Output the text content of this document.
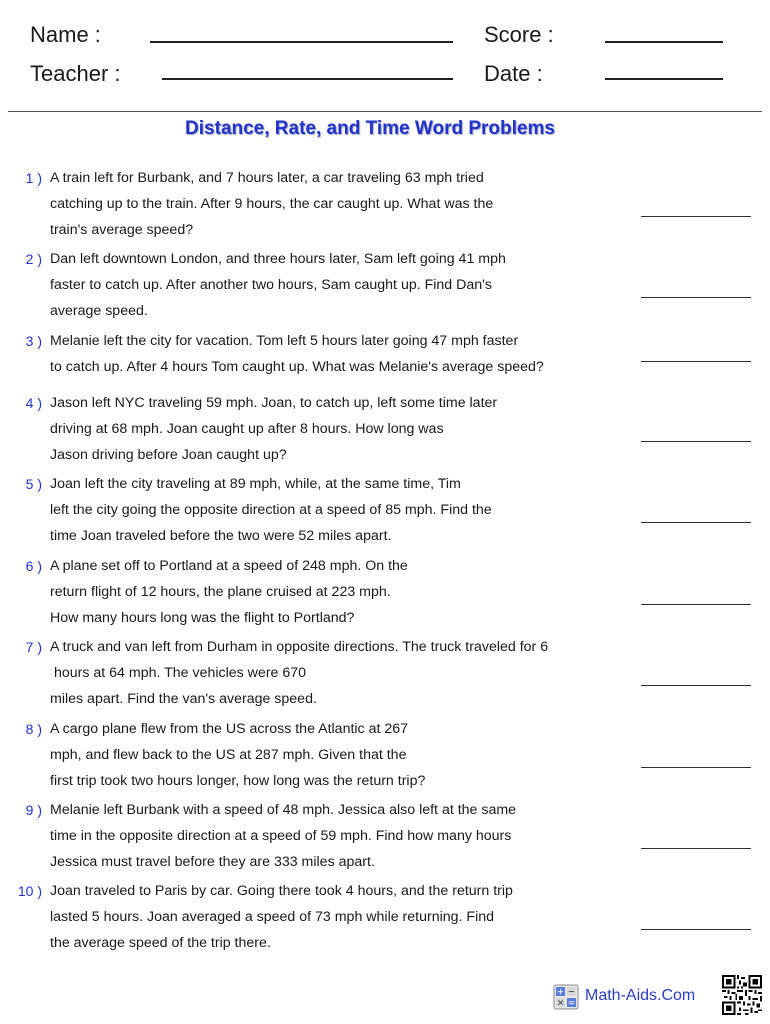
Name :	Score :
Teacher :	Date :
Distance, Rate, and Time Word Problems
1 ) A train left for Burbank, and 7 hours later, a car traveling 63 mph tried
catching up to the train. After 9 hours, the car caught up. What was the
train's average speed?
2 ) Dan left downtown London, and three hours later, Sam left going 41 mph
faster to catch up. After another two hours, Sam caught up. Find Dan's
average speed.
3 ) Melanie left the city for vacation. Tom left 5 hours later going 47 mph faster
to catch up. After 4 hours Tom caught up. What was Melanie's average speed?
4 ) Jason left NYC traveling 59 mph. Joan, to catch up, left some time later
driving at 68 mph. Joan caught up after 8 hours. How long was
Jason driving before Joan caught up?
5 ) Joan left the city traveling at 89 mph, while, at the same time, Tim
left the city going the opposite direction at a speed of 85 mph. Find the
time Joan traveled before the two were 52 miles apart.
6 ) A plane set off to Portland at a speed of 248 mph. On the
return flight of 12 hours, the plane cruised at 223 mph.
How many hours long was the flight to Portland?
7 ) A truck and van left from Durham in opposite directions. The truck traveled for 6
hours at 64 mph. The vehicles were 670
miles apart. Find the van's average speed.
8 ) A cargo plane flew from the US across the Atlantic at 267
mph, and flew back to the US at 287 mph. Given that the
first trip took two hours longer, how long was the return trip?
9 ) Melanie left Burbank with a speed of 48 mph. Jessica also left at the same
time in the opposite direction at a speed of 59 mph. Find how many hours
Jessica must travel before they are 333 miles apart.
10 ) Joan traveled to Paris by car. Going there took 4 hours, and the return trip
lasted 5 hours. Joan averaged a speed of 73 mph while returning. Find
the average speed of the trip there.
+ −
× = Math-Aids.Com
